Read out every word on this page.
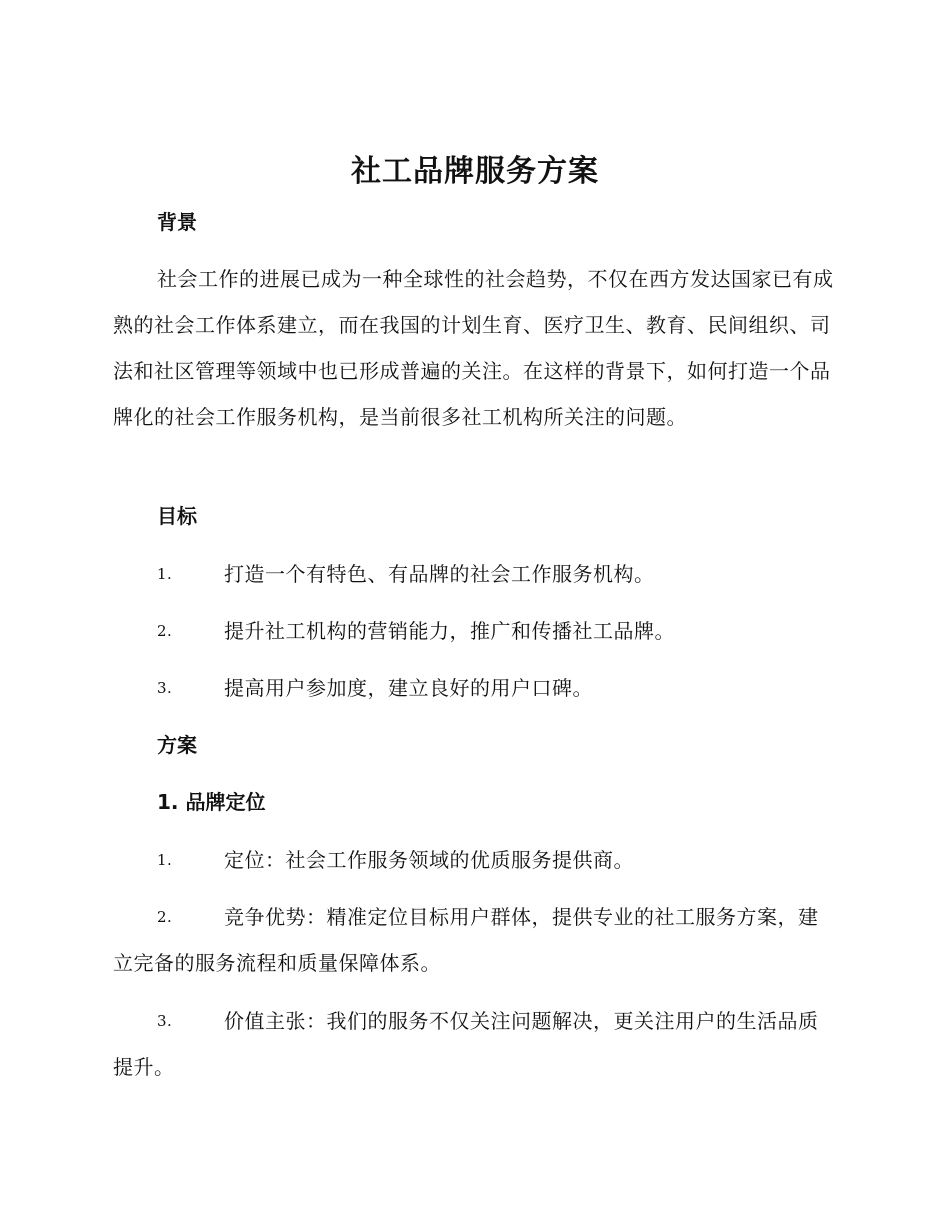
社工品牌服务方案
背景
社会工作的进展已成为一种全球性的社会趋势，不仅在西方发达国家已有成熟的社会工作体系建立，而在我国的计划生育、医疗卫生、教育、民间组织、司法和社区管理等领域中也已形成普遍的关注。在这样的背景下，如何打造一个品牌化的社会工作服务机构，是当前很多社工机构所关注的问题。
目标
1.	打造一个有特色、有品牌的社会工作服务机构。
2.	提升社工机构的营销能力，推广和传播社工品牌。
3.	提高用户参加度，建立良好的用户口碑。
方案
1. 品牌定位
1.	定位：社会工作服务领域的优质服务提供商。
2.	竞争优势：精准定位目标用户群体，提供专业的社工服务方案，建立完备的服务流程和质量保障体系。
3.	价值主张：我们的服务不仅关注问题解决，更关注用户的生活品质提升。
